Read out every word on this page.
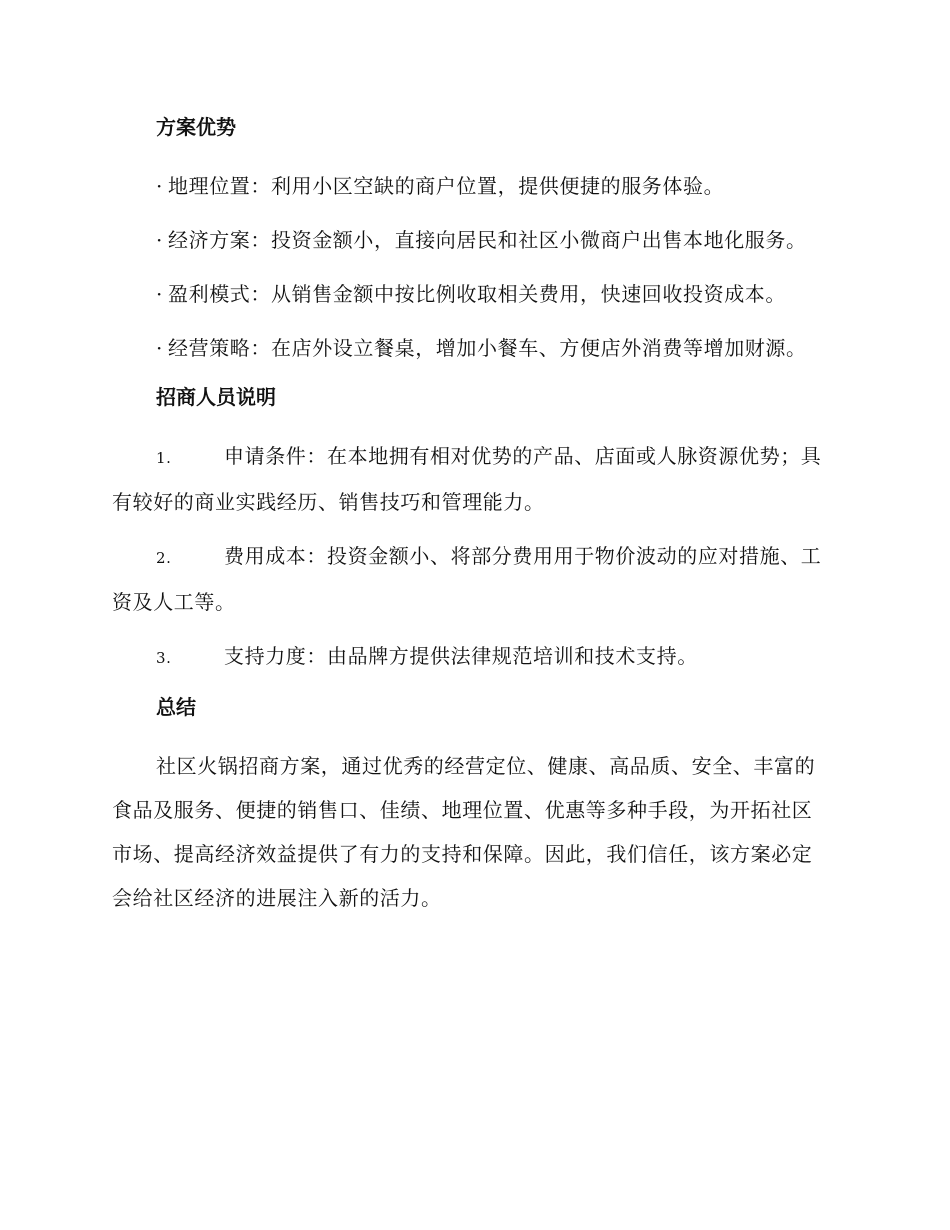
方案优势

· 地理位置：利用小区空缺的商户位置，提供便捷的服务体验。

· 经济方案：投资金额小，直接向居民和社区小微商户出售本地化服务。

· 盈利模式：从销售金额中按比例收取相关费用，快速回收投资成本。

· 经营策略：在店外设立餐桌，增加小餐车、方便店外消费等增加财源。

招商人员说明

1.	申请条件：在本地拥有相对优势的产品、店面或人脉资源优势；具有较好的商业实践经历、销售技巧和管理能力。

2.	费用成本：投资金额小、将部分费用用于物价波动的应对措施、工资及人工等。

3.	支持力度：由品牌方提供法律规范培训和技术支持。

总结

社区火锅招商方案，通过优秀的经营定位、健康、高品质、安全、丰富的食品及服务、便捷的销售口、佳绩、地理位置、优惠等多种手段，为开拓社区市场、提高经济效益提供了有力的支持和保障。因此，我们信任，该方案必定会给社区经济的进展注入新的活力。
